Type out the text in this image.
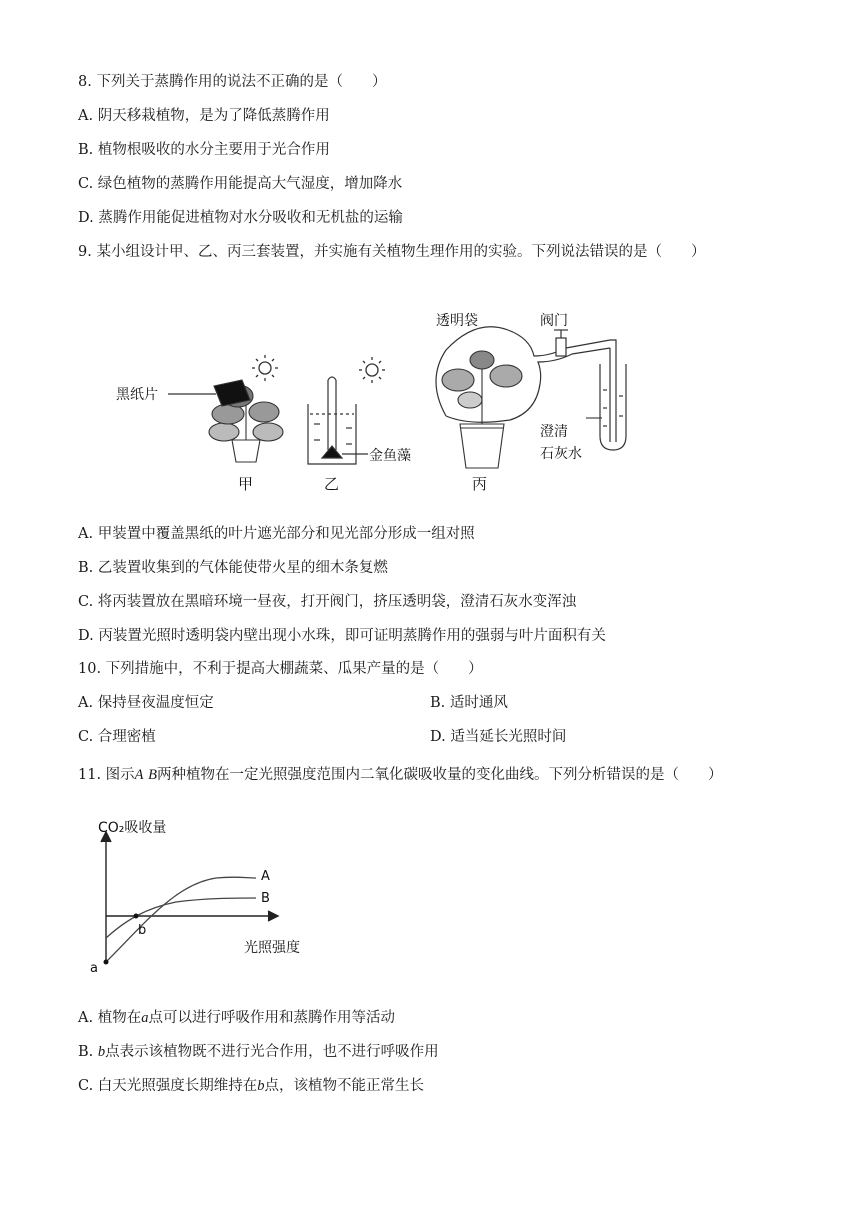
8. 下列关于蒸腾作用的说法不正确的是（　　）
A. 阴天移栽植物，是为了降低蒸腾作用
B. 植物根吸收的水分主要用于光合作用
C. 绿色植物的蒸腾作用能提高大气湿度，增加降水
D. 蒸腾作用能促进植物对水分吸收和无机盐的运输
9. 某小组设计甲、乙、丙三套装置，并实施有关植物生理作用的实验。下列说法错误的是（　　）
黑纸片
甲
金鱼藻
乙
透明袋	阀门
澄清
石灰水
丙
A. 甲装置中覆盖黑纸的叶片遮光部分和见光部分形成一组对照
B. 乙装置收集到的气体能使带火星的细木条复燃
C. 将丙装置放在黑暗环境一昼夜，打开阀门，挤压透明袋，澄清石灰水变浑浊
D. 丙装置光照时透明袋内壁出现小水珠，即可证明蒸腾作用的强弱与叶片面积有关
10. 下列措施中，不利于提高大棚蔬菜、瓜果产量的是（　　）
A. 保持昼夜温度恒定	B. 适时通风
C. 合理密植	D. 适当延长光照时间
11. 图示A B两种植物在一定光照强度范围内二氧化碳吸收量的变化曲线。下列分析错误的是（　　）
CO₂吸收量
光照强度
A
B
a
b
A. 植物在a点可以进行呼吸作用和蒸腾作用等活动
B. b点表示该植物既不进行光合作用，也不进行呼吸作用
C. 白天光照强度长期维持在b点，该植物不能正常生长
